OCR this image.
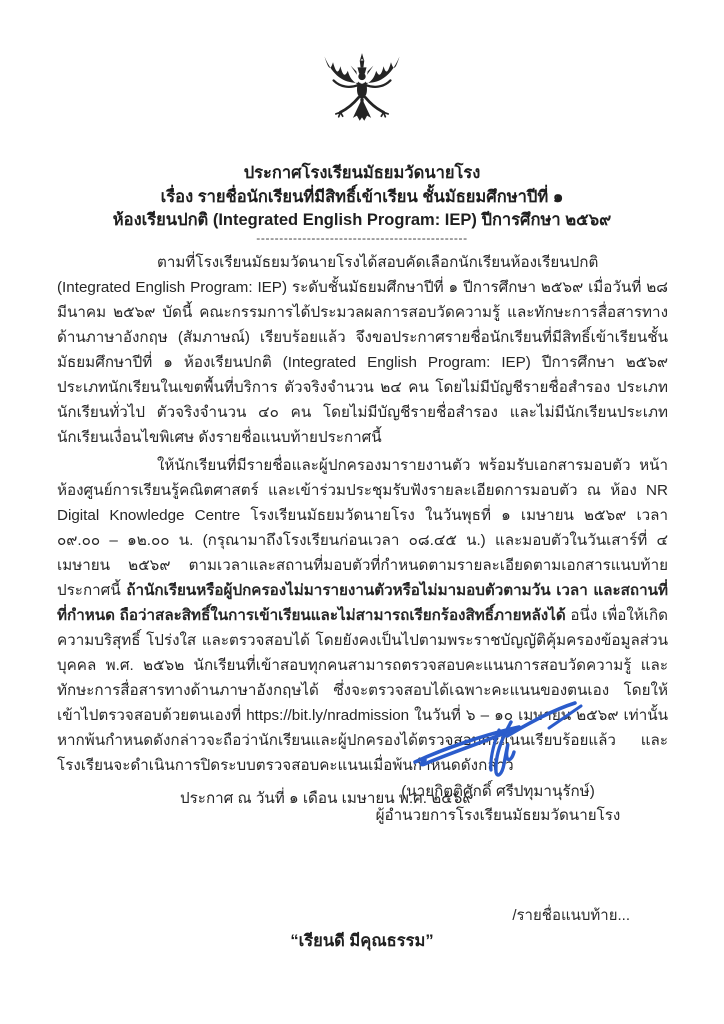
ประกาศโรงเรียนมัธยมวัดนายโรง
เรื่อง รายชื่อนักเรียนที่มีสิทธิ์เข้าเรียน ชั้นมัธยมศึกษาปีที่ ๑
ห้องเรียนปกติ (Integrated English Program: IEP) ปีการศึกษา ๒๕๖๙
----------------------------------------------

ตามที่โรงเรียนมัธยมวัดนายโรงได้สอบคัดเลือกนักเรียนห้องเรียนปกติ (Integrated English Program: IEP) ระดับชั้นมัธยมศึกษาปีที่ ๑ ปีการศึกษา ๒๕๖๙ เมื่อวันที่ ๒๘ มีนาคม ๒๕๖๙ บัดนี้ คณะกรรมการได้ประมวลผลการสอบวัดความรู้ และทักษะการสื่อสารทางด้านภาษาอังกฤษ (สัมภาษณ์) เรียบร้อยแล้ว จึงขอประกาศรายชื่อนักเรียนที่มีสิทธิ์เข้าเรียนชั้นมัธยมศึกษาปีที่ ๑ ห้องเรียนปกติ (Integrated English Program: IEP) ปีการศึกษา ๒๕๖๙ ประเภทนักเรียนในเขตพื้นที่บริการ ตัวจริงจำนวน ๒๔ คน โดยไม่มีบัญชีรายชื่อสำรอง ประเภทนักเรียนทั่วไป ตัวจริงจำนวน ๔๐ คน โดยไม่มีบัญชีรายชื่อสำรอง และไม่มีนักเรียนประเภทนักเรียนเงื่อนไขพิเศษ ดังรายชื่อแนบท้ายประกาศนี้

ให้นักเรียนที่มีรายชื่อและผู้ปกครองมารายงานตัว พร้อมรับเอกสารมอบตัว หน้าห้องศูนย์การเรียนรู้คณิตศาสตร์ และเข้าร่วมประชุมรับฟังรายละเอียดการมอบตัว ณ ห้อง NR Digital Knowledge Centre โรงเรียนมัธยมวัดนายโรง ในวันพุธที่ ๑ เมษายน ๒๕๖๙ เวลา ๐๙.๐๐ – ๑๒.๐๐ น. (กรุณามาถึงโรงเรียนก่อนเวลา ๐๘.๔๕ น.) และมอบตัวในวันเสาร์ที่ ๔ เมษายน ๒๕๖๙ ตามเวลาและสถานที่มอบตัวที่กำหนดตามรายละเอียดตามเอกสารแนบท้ายประกาศนี้ ถ้านักเรียนหรือผู้ปกครองไม่มารายงานตัวหรือไม่มามอบตัวตามวัน เวลา และสถานที่ ที่กำหนด ถือว่าสละสิทธิ์ในการเข้าเรียนและไม่สามารถเรียกร้องสิทธิ์ภายหลังได้ อนึ่ง เพื่อให้เกิดความบริสุทธิ์ โปร่งใส และตรวจสอบได้ โดยยังคงเป็นไปตามพระราชบัญญัติคุ้มครองข้อมูลส่วนบุคคล พ.ศ. ๒๕๖๒ นักเรียนที่เข้าสอบทุกคนสามารถตรวจสอบคะแนนการสอบวัดความรู้ และทักษะการสื่อสารทางด้านภาษาอังกฤษได้ ซึ่งจะตรวจสอบได้เฉพาะคะแนนของตนเอง โดยให้เข้าไปตรวจสอบด้วยตนเองที่ https://bit.ly/nradmission ในวันที่ ๖ – ๑๐ เมษายน ๒๕๖๙ เท่านั้น หากพ้นกำหนดดังกล่าวจะถือว่านักเรียนและผู้ปกครองได้ตรวจสอบคะแนนเรียบร้อยแล้ว และโรงเรียนจะดำเนินการปิดระบบตรวจสอบคะแนนเมื่อพ้นกำหนดดังกล่าว

ประกาศ ณ วันที่ ๑ เดือน เมษายน พ.ศ. ๒๕๖๙

(นายกิตติศักดิ์ ศรีปทุมานุรักษ์)
ผู้อำนวยการโรงเรียนมัธยมวัดนายโรง
/รายชื่อแนบท้าย...
“เรียนดี มีคุณธรรม”
